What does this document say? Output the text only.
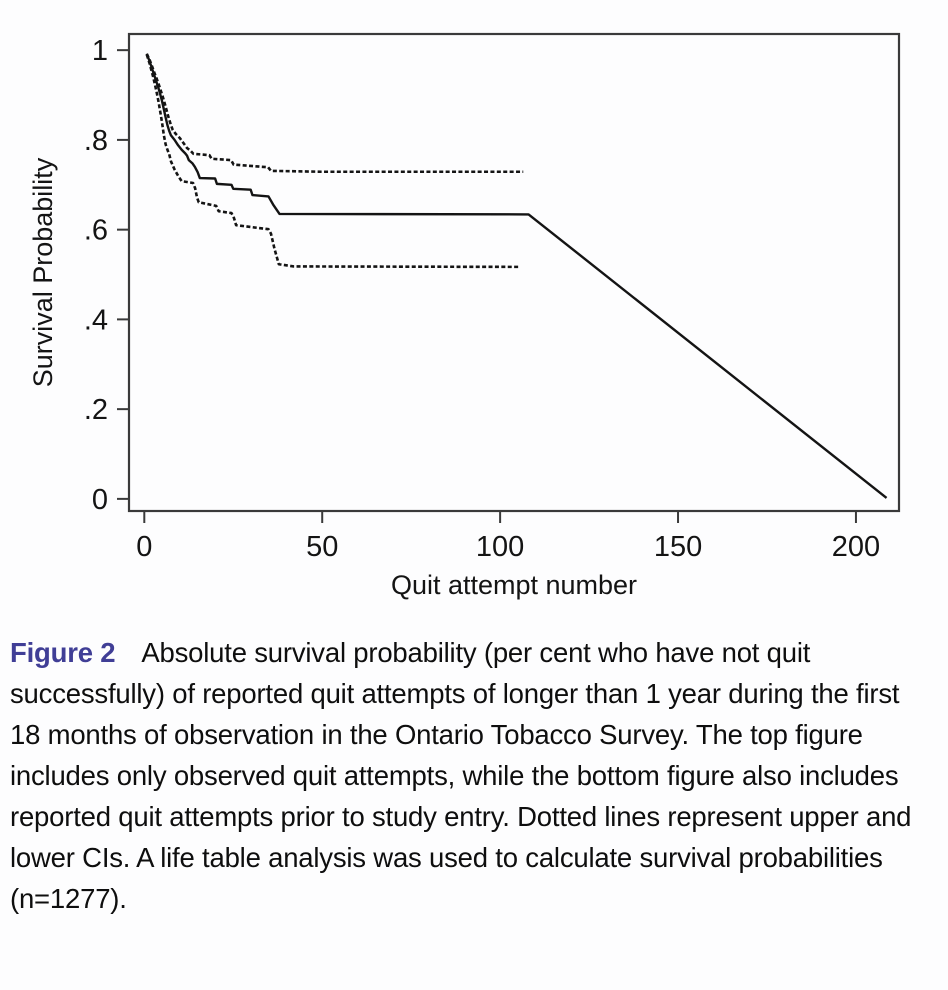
0	50	100	150	200
0
.2
.4
.6
.8
1
Quit attempt number
Survival Probability
Figure 2 Absolute survival probability (per cent who have not quit successfully) of reported quit attempts of longer than 1 year during the first 18 months of observation in the Ontario Tobacco Survey. The top figure includes only observed quit attempts, while the bottom figure also includes reported quit attempts prior to study entry. Dotted lines represent upper and lower CIs. A life table analysis was used to calculate survival probabilities (n=1277).
